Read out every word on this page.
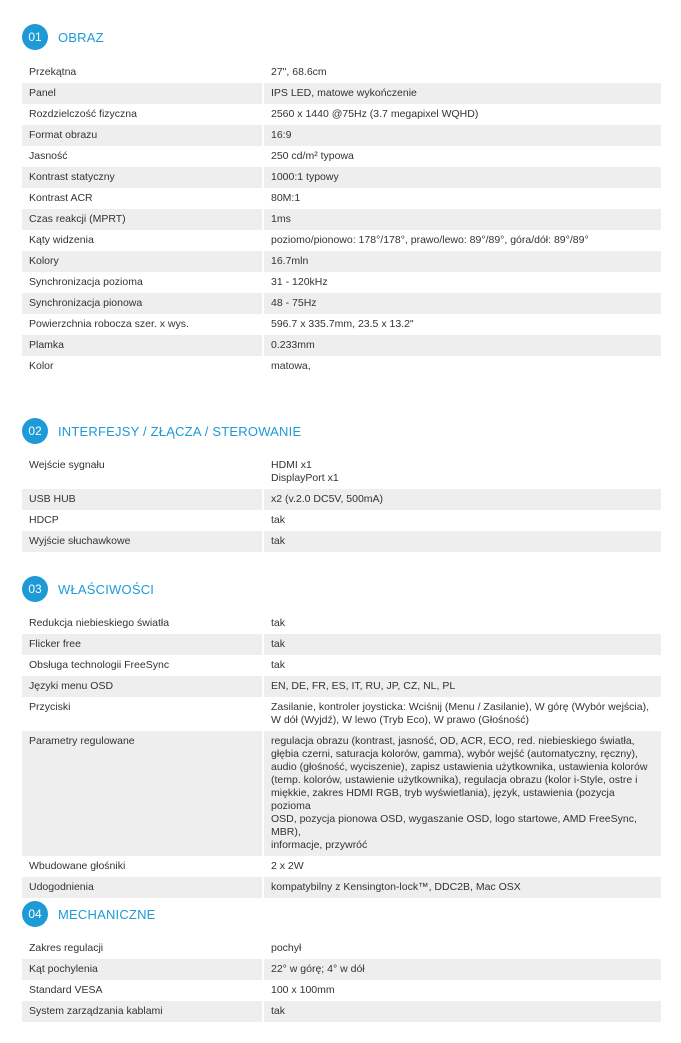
01	OBRAZ
Przekątna	27", 68.6cm
Panel	IPS LED, matowe wykończenie
Rozdzielczość fizyczna	2560 x 1440 @75Hz (3.7 megapixel WQHD)
Format obrazu	16:9
Jasność	250 cd/m² typowa
Kontrast statyczny	1000:1 typowy
Kontrast ACR	80M:1
Czas reakcji (MPRT)	1ms
Kąty widzenia	poziomo/pionowo: 178°/178°, prawo/lewo: 89°/89°, góra/dół: 89°/89°
Kolory	16.7mln
Synchronizacja pozioma	31 - 120kHz
Synchronizacja pionowa	48 - 75Hz
Powierzchnia robocza szer. x wys.	596.7 x 335.7mm, 23.5 x 13.2"
Plamka	0.233mm
Kolor	matowa,
02	INTERFEJSY / ZŁĄCZA / STEROWANIE
Wejście sygnału	HDMI x1
DisplayPort x1
USB HUB	x2 (v.2.0 DC5V, 500mA)
HDCP	tak
Wyjście słuchawkowe	tak
03	WŁAŚCIWOŚCI
Redukcja niebieskiego światła	tak
Flicker free	tak
Obsługa technologii FreeSync	tak
Języki menu OSD	EN, DE, FR, ES, IT, RU, JP, CZ, NL, PL
Przyciski	Zasilanie, kontroler joysticka: Wciśnij (Menu / Zasilanie), W górę (Wybór wejścia),
W dół (Wyjdź), W lewo (Tryb Eco), W prawo (Głośność)
Parametry regulowane	regulacja obrazu (kontrast, jasność, OD, ACR, ECO, red. niebieskiego światła,
głębia czerni, saturacja kolorów, gamma), wybór wejść (automatyczny, ręczny),
audio (głośność, wyciszenie), zapisz ustawienia użytkownika, ustawienia kolorów
(temp. kolorów, ustawienie użytkownika), regulacja obrazu (kolor i-Style, ostre i
miękkie, zakres HDMI RGB, tryb wyświetlania), język, ustawienia (pozycja pozioma
OSD, pozycja pionowa OSD, wygaszanie OSD, logo startowe, AMD FreeSync, MBR),
informacje, przywróć
Wbudowane głośniki	2 x 2W
Udogodnienia	kompatybilny z Kensington-lock™, DDC2B, Mac OSX
04	MECHANICZNE
Zakres regulacji	pochył
Kąt pochylenia	22° w górę; 4° w dół
Standard VESA	100 x 100mm
System zarządzania kablami	tak
